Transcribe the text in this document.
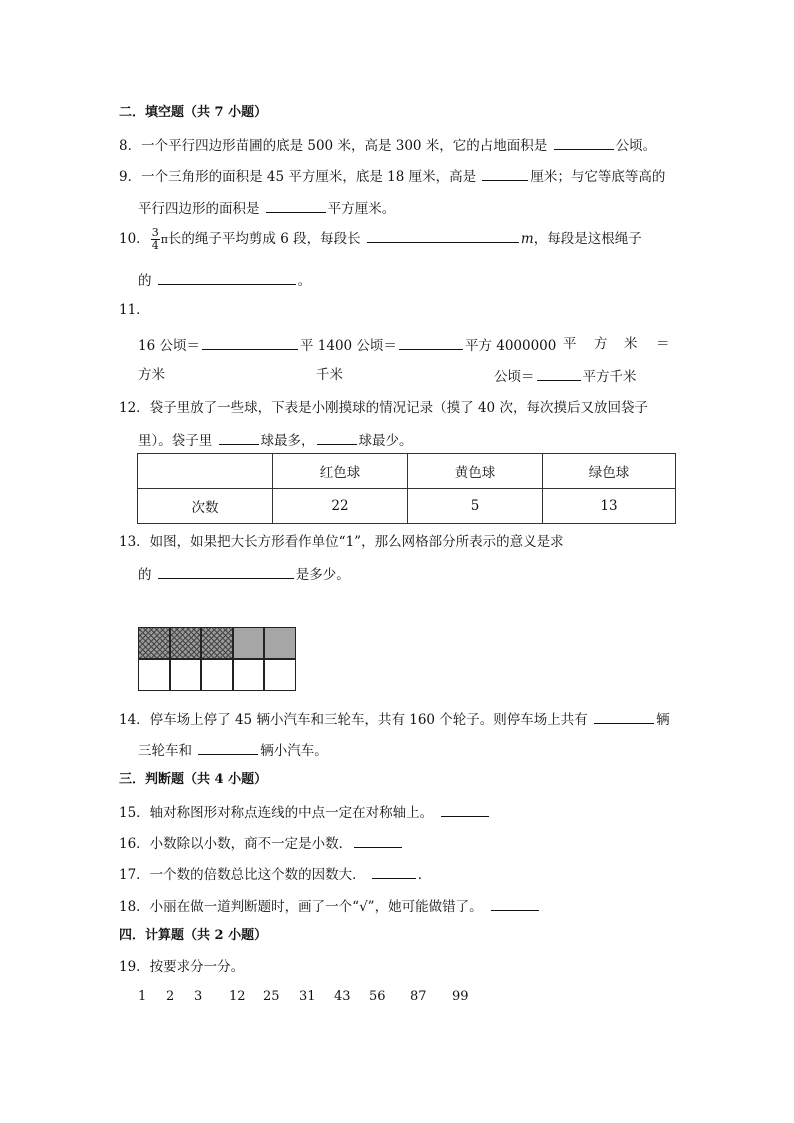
二．填空题（共 7 小题）
8．一个平行四边形苗圃的底是 500 米，高是 300 米，它的占地面积是	公顷。
9．一个三角形的面积是 45 平方厘米，底是 18 厘米，高是	厘米；与它等底等高的
平行四边形的面积是	平方厘米。
10． $\frac{3}{4}$ π长的绳子平均剪成 6 段，每段长	m，每段是这根绳子
的	。
11．
16 公顷＝	平 1400 公顷＝	平方 4000000 平 方 米 ＝
方米	千米	公顷＝	平方千米
12．袋子里放了一些球，下表是小刚摸球的情况记录（摸了 40 次，每次摸后又放回袋子
里）。袋子里	球最多，	球最少。
	红色球	黄色球	绿色球
次数	22	5	13
13．如图，如果把大长方形看作单位“1”，那么网格部分所表示的意义是求
的	是多少。
14．停车场上停了 45 辆小汽车和三轮车，共有 160 个轮子。则停车场上共有	辆
三轮车和	辆小汽车。
三．判断题（共 4 小题）
15．轴对称图形对称点连线的中点一定在对称轴上。
16．小数除以小数，商不一定是小数．
17．一个数的倍数总比这个数的因数大．	．
18．小丽在做一道判断题时，画了一个“√”，她可能做错了。
四．计算题（共 2 小题）
19．按要求分一分。
1 2 3 12 25 31 43 56 87 99
